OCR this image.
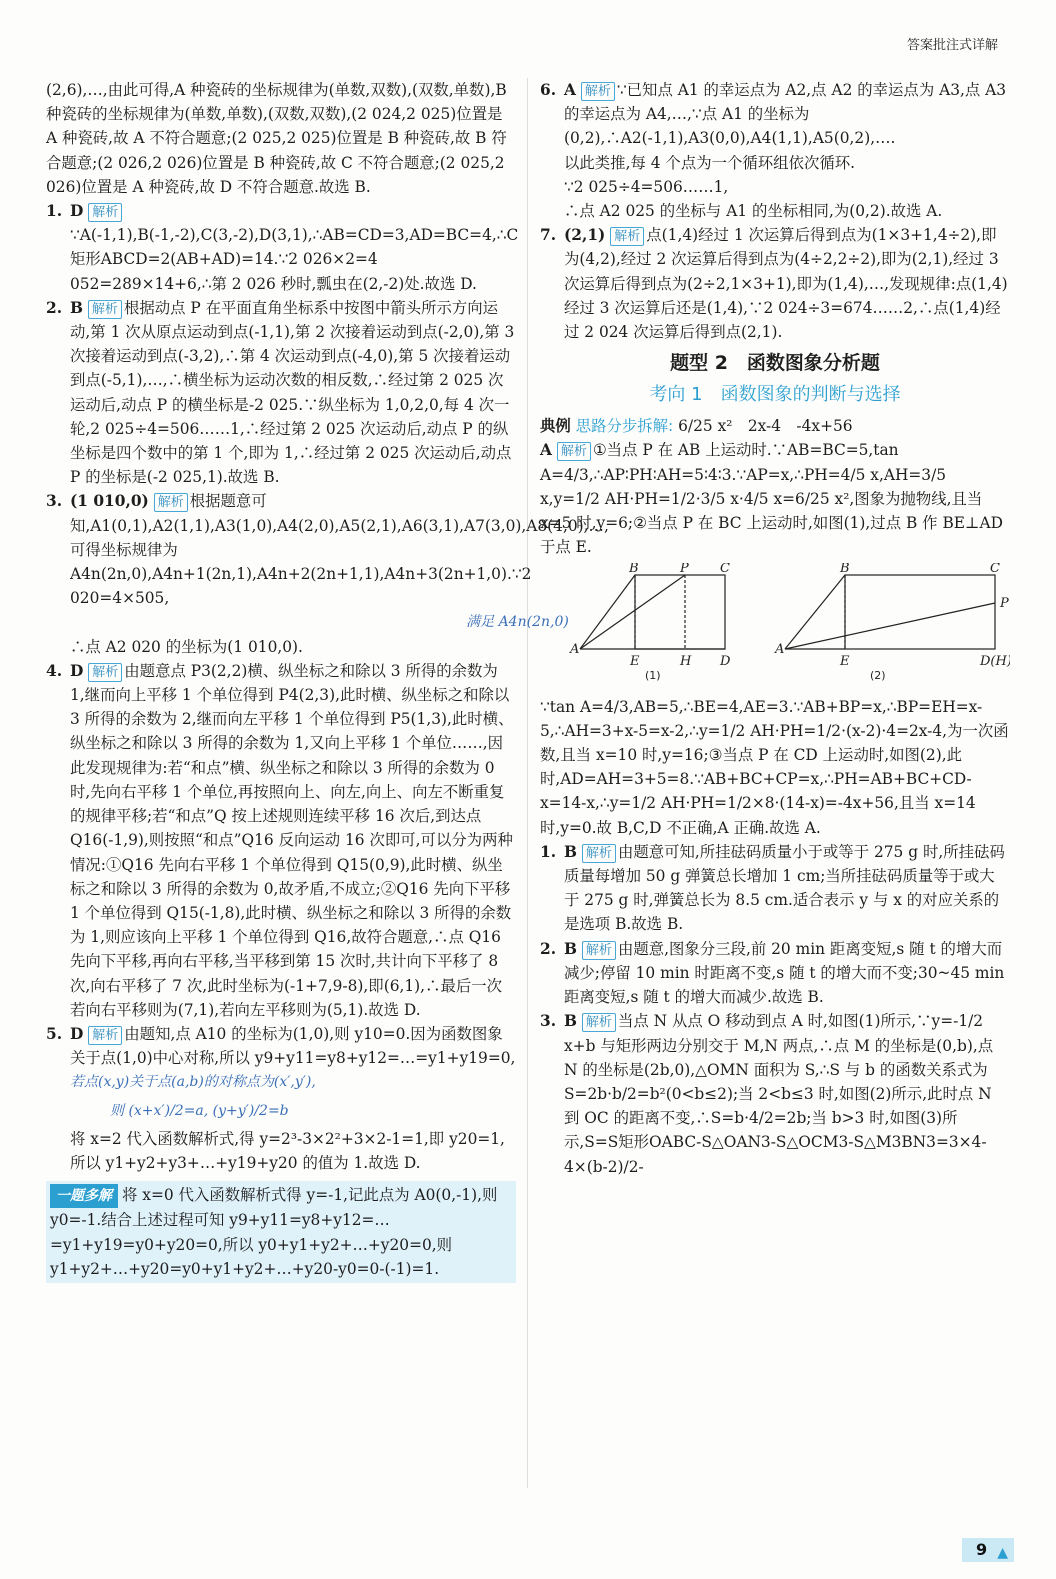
答案批注式详解

(2,6),…,由此可得,A 种瓷砖的坐标规律为(单数,双数),(双数,单数),B 种瓷砖的坐标规律为(单数,单数),(双数,双数),(2 024,2 025)位置是 A 种瓷砖,故 A 不符合题意;(2 025,2 025)位置是 B 种瓷砖,故 B 符合题意;(2 026,2 026)位置是 B 种瓷砖,故 C 不符合题意;(2 025,2 026)位置是 A 种瓷砖,故 D 不符合题意.故选 B.

1. D 解析∵A(-1,1),B(-1,-2),C(3,-2),D(3,1),∴AB=CD=3,AD=BC=4,∴C矩形ABCD=2(AB+AD)=14.∵2 026×2=4 052=289×14+6,∴第 2 026 秒时,瓢虫在(2,-2)处.故选 D.
2. B 解析 根据动点 P 在平面直角坐标系中按图中箭头所示方向运动,第 1 次从原点运动到点(-1,1),第 2 次接着运动到点(-2,0),第 3 次接着运动到点(-3,2),∴第 4 次运动到点(-4,0),第 5 次接着运动到点(-5,1),…,∴横坐标为运动次数的相反数,∴经过第 2 025 次运动后,动点 P 的横坐标是-2 025.∵纵坐标为 1,0,2,0,每 4 次一轮,2 025÷4=506……1,∴经过第 2 025 次运动后,动点 P 的纵坐标是四个数中的第 1 个,即为 1,∴经过第 2 025 次运动后,动点 P 的坐标是(-2 025,1).故选 B.
3. (1 010,0) 解析 根据题意可知,A1(0,1),A2(1,1),A3(1,0),A4(2,0),A5(2,1),A6(3,1),A7(3,0),A8(4,0),…,可得坐标规律为 A4n(2n,0),A4n+1(2n,1),A4n+2(2n+1,1),A4n+3(2n+1,0).∵2 020=4×505,
满足 A4n(2n,0)
∴点 A2 020 的坐标为(1 010,0).
4. D 解析 由题意点 P3(2,2)横、纵坐标之和除以 3 所得的余数为 1,继而向上平移 1 个单位得到 P4(2,3),此时横、纵坐标之和除以 3 所得的余数为 2,继而向左平移 1 个单位得到 P5(1,3),此时横、纵坐标之和除以 3 所得的余数为 1,又向上平移 1 个单位……,因此发现规律为:若“和点”横、纵坐标之和除以 3 所得的余数为 0 时,先向右平移 1 个单位,再按照向上、向左,向上、向左不断重复的规律平移;若“和点”Q 按上述规则连续平移 16 次后,到达点 Q16(-1,9),则按照“和点”Q16 反向运动 16 次即可,可以分为两种情况:①Q16 先向右平移 1 个单位得到 Q15(0,9),此时横、纵坐标之和除以 3 所得的余数为 0,故矛盾,不成立;②Q16 先向下平移 1 个单位得到 Q15(-1,8),此时横、纵坐标之和除以 3 所得的余数为 1,则应该向上平移 1 个单位得到 Q16,故符合题意,∴点 Q16 先向下平移,再向右平移,当平移到第 15 次时,共计向下平移了 8 次,向右平移了 7 次,此时坐标为(-1+7,9-8),即(6,1),∴最后一次若向右平移则为(7,1),若向左平移则为(5,1).故选 D.
5. D 解析 由题知,点 A10 的坐标为(1,0),则 y10=0.因为函数图象关于点(1,0)中心对称,所以 y9+y11=y8+y12=…=y1+y19=0,
若点(x,y)关于点(a,b)的对称点为(x′,y′),
则 (x+x′)/2=a, (y+y′)/2=b
将 x=2 代入函数解析式,得 y=2³-3×2²+3×2-1=1,即 y20=1,所以 y1+y2+y3+…+y19+y20 的值为 1.故选 D.
一题多解 将 x=0 代入函数解析式得 y=-1,记此点为 A0(0,-1),则 y0=-1.结合上述过程可知 y9+y11=y8+y12=…=y1+y19=y0+y20=0,所以 y0+y1+y2+…+y20=0,则 y1+y2+…+y20=y0+y1+y2+…+y20-y0=0-(-1)=1.
6. A 解析 ∵已知点 A1 的幸运点为 A2,点 A2 的幸运点为 A3,点 A3 的幸运点为 A4,…,∵点 A1 的坐标为(0,2),∴A2(-1,1),A3(0,0),A4(1,1),A5(0,2),….
以此类推,每 4 个点为一个循环组依次循环.
∵2 025÷4=506……1,
∴点 A2 025 的坐标与 A1 的坐标相同,为(0,2).故选 A.
7. (2,1) 解析 点(1,4)经过 1 次运算后得到点为(1×3+1,4÷2),即为(4,2),经过 2 次运算后得到点为(4÷2,2÷2),即为(2,1),经过 3 次运算后得到点为(2÷2,1×3+1),即为(1,4),…,发现规律:点(1,4)经过 3 次运算后还是(1,4),∵2 024÷3=674……2,∴点(1,4)经过 2 024 次运算后得到点(2,1).
题型 2　函数图象分析题
考向 1　函数图象的判断与选择

典例 思路分步拆解: 6/25 x²　2x-4　-4x+56

A 解析 ①当点 P 在 AB 上运动时.∵AB=BC=5,tan A=4/3,∴AP∶PH∶AH=5∶4∶3.∵AP=x,∴PH=4/5 x,AH=3/5 x,y=1/2 AH·PH=1/2·3/5 x·4/5 x=6/25 x²,图象为抛物线,且当 x=5 时,y=6;②当点 P 在 BC 上运动时,如图(1),过点 B 作 BE⊥AD 于点 E.

B	P C
A
E	H D
B	C
P
A
E	D(H)
(1)	(2)

∵tan A=4/3,AB=5,∴BE=4,AE=3.∵AB+BP=x,∴BP=EH=x-5,∴AH=3+x-5=x-2,∴y=1/2 AH·PH=1/2·(x-2)·4=2x-4,为一次函数,且当 x=10 时,y=16;③当点 P 在 CD 上运动时,如图(2),此时,AD=AH=3+5=8.∵AB+BC+CP=x,∴PH=AB+BC+CD-x=14-x,∴y=1/2 AH·PH=1/2×8·(14-x)=-4x+56,且当 x=14 时,y=0.故 B,C,D 不正确,A 正确.故选 A.

1. B 解析 由题意可知,所挂砝码质量小于或等于 275 g 时,所挂砝码质量每增加 50 g 弹簧总长增加 1 cm;当所挂砝码质量等于或大于 275 g 时,弹簧总长为 8.5 cm.适合表示 y 与 x 的对应关系的是选项 B.故选 B.
2. B 解析 由题意,图象分三段,前 20 min 距离变短,s 随 t 的增大而减少;停留 10 min 时距离不变,s 随 t 的增大而不变;30~45 min 距离变短,s 随 t 的增大而减少.故选 B.
3. B 解析 当点 N 从点 O 移动到点 A 时,如图(1)所示,∵y=-1/2 x+b 与矩形两边分别交于 M,N 两点,∴点 M 的坐标是(0,b),点 N 的坐标是(2b,0),△OMN 面积为 S,∴S 与 b 的函数关系式为 S=2b·b/2=b²(0<b≤2);当 2<b≤3 时,如图(2)所示,此时点 N 到 OC 的距离不变,∴S=b·4/2=2b;当 b>3 时,如图(3)所示,S=S矩形OABC-S△OAN3-S△OCM3-S△M3BN3=3×4-4×(b-2)/2-
9 ▲
